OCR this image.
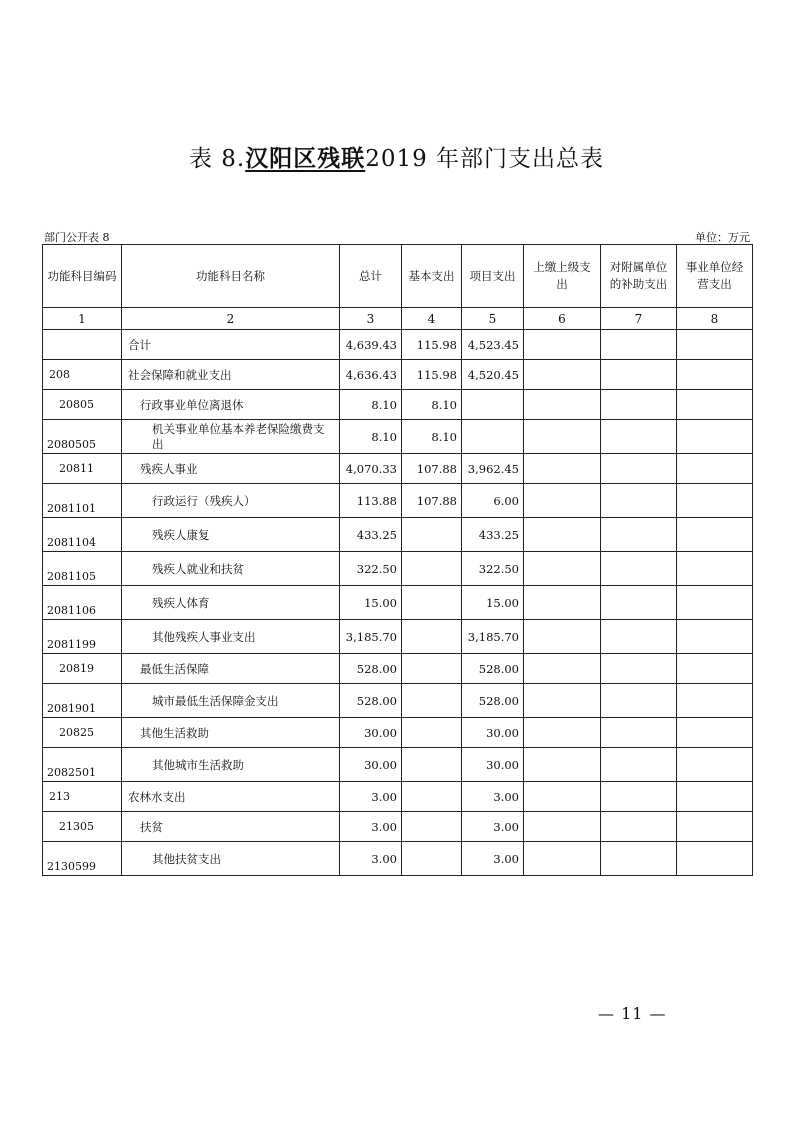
表 8.汉阳区残联2019 年部门支出总表
部门公开表 8	单位：万元
功能科目编码	功能科目名称	总计	基本支出	项目支出	上缴上级支出	对附属单位的补助支出	事业单位经营支出
1	2	3	4	5	6	7	8
	合计	4,639.43	115.98	4,523.45			
208	社会保障和就业支出	4,636.43	115.98	4,520.45			
20805	行政事业单位离退休	8.10	8.10				
2080505	机关事业单位基本养老保险缴费支出	8.10	8.10				
20811	残疾人事业	4,070.33	107.88	3,962.45			
2081101	行政运行（残疾人）	113.88	107.88	6.00			
2081104	残疾人康复	433.25		433.25			
2081105	残疾人就业和扶贫	322.50		322.50			
2081106	残疾人体育	15.00		15.00			
2081199	其他残疾人事业支出	3,185.70		3,185.70			
20819	最低生活保障	528.00		528.00			
2081901	城市最低生活保障金支出	528.00		528.00			
20825	其他生活救助	30.00		30.00			
2082501	其他城市生活救助	30.00		30.00			
213	农林水支出	3.00		3.00			
21305	扶贫	3.00		3.00			
2130599	其他扶贫支出	3.00		3.00			
— 11 —
